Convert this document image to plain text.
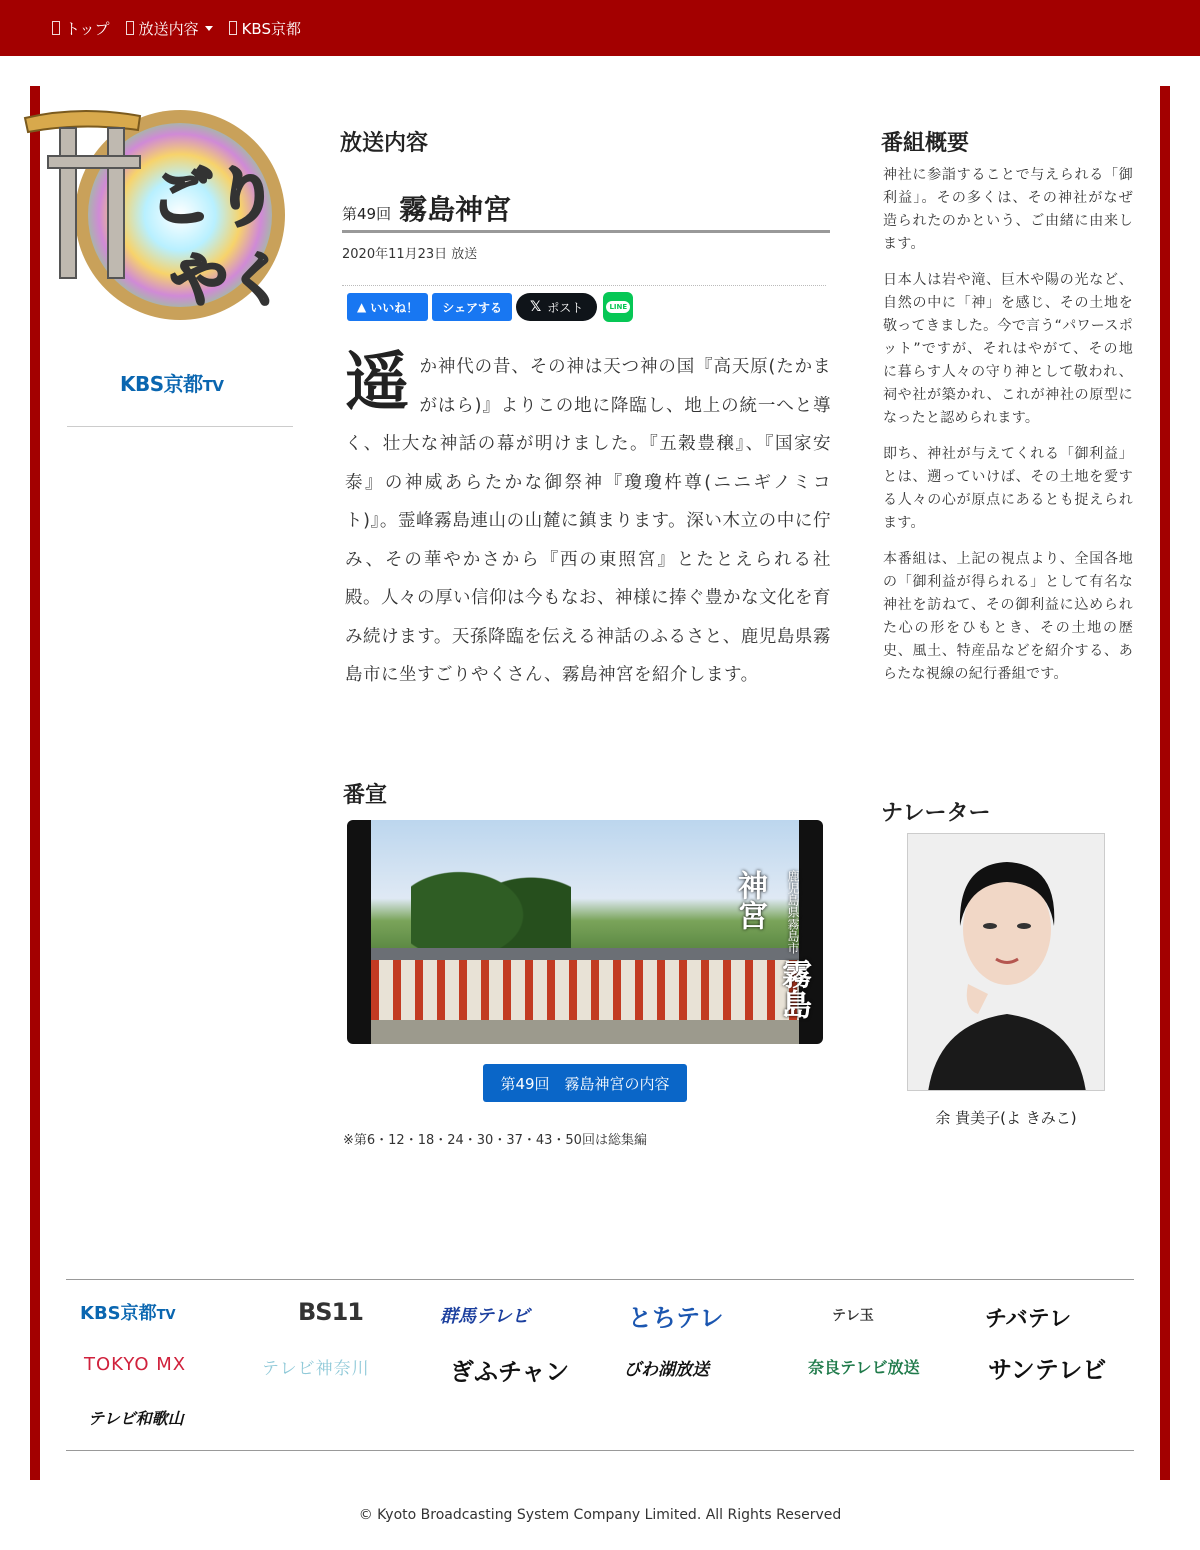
トップ 放送内容	KBS京都
ごり
やく
KBS京都TV
放送内容
第49回 霧島神宮
2020年11月23日 放送
▲ いいね！ シェアする 𝕏 ポスト	LINE
遥か神代の昔、その神は天つ神の国『高天原(たかまがはら)』よりこの地に降臨し、地上の統一へと導く、壮大な神話の幕が明けました。『五穀豊穣』、『国家安泰』の神威あらたかな御祭神『瓊瓊杵尊(ニニギノミコト)』。霊峰霧島連山の山麓に鎮まります。深い木立の中に佇み、その華やかさから『西の東照宮』とたとえられる社殿。人々の厚い信仰は今もなお、神様に捧ぐ豊かな文化を育み続けます。天孫降臨を伝える神話のふるさと、鹿児島県霧島市に坐すごりやくさん、霧島神宮を紹介します。
番宣
鹿児島県霧島市 霧島神宮
第49回　霧島神宮の内容
※第6・12・18・24・30・37・43・50回は総集編
番組概要

神社に参詣することで与えられる「御利益」。その多くは、その神社がなぜ造られたのかという、ご由緒に由来します。

日本人は岩や滝、巨木や陽の光など、自然の中に「神」を感じ、その土地を敬ってきました。今で言う“パワースポット”ですが、それはやがて、その地に暮らす人々の守り神として敬われ、祠や社が築かれ、これが神社の原型になったと認められます。

即ち、神社が与えてくれる「御利益」とは、遡っていけば、その土地を愛する人々の心が原点にあるとも捉えられます。

本番組は、上記の視点より、全国各地の「御利益が得られる」として有名な神社を訪ねて、その御利益に込められた心の形をひもとき、その土地の歴史、風土、特産品などを紹介する、あらたな視線の紀行番組です。

ナレーター
余 貴美子(よ きみこ)
KBS京都TV	BS11	群馬テレビ	とちテレ	テレ玉	チバテレ
TOKYO MX	テレビ神奈川	ぎふチャン	びわ湖放送	奈良テレビ放送	サンテレビ
テレビ和歌山
© Kyoto Broadcasting System Company Limited. All Rights Reserved
